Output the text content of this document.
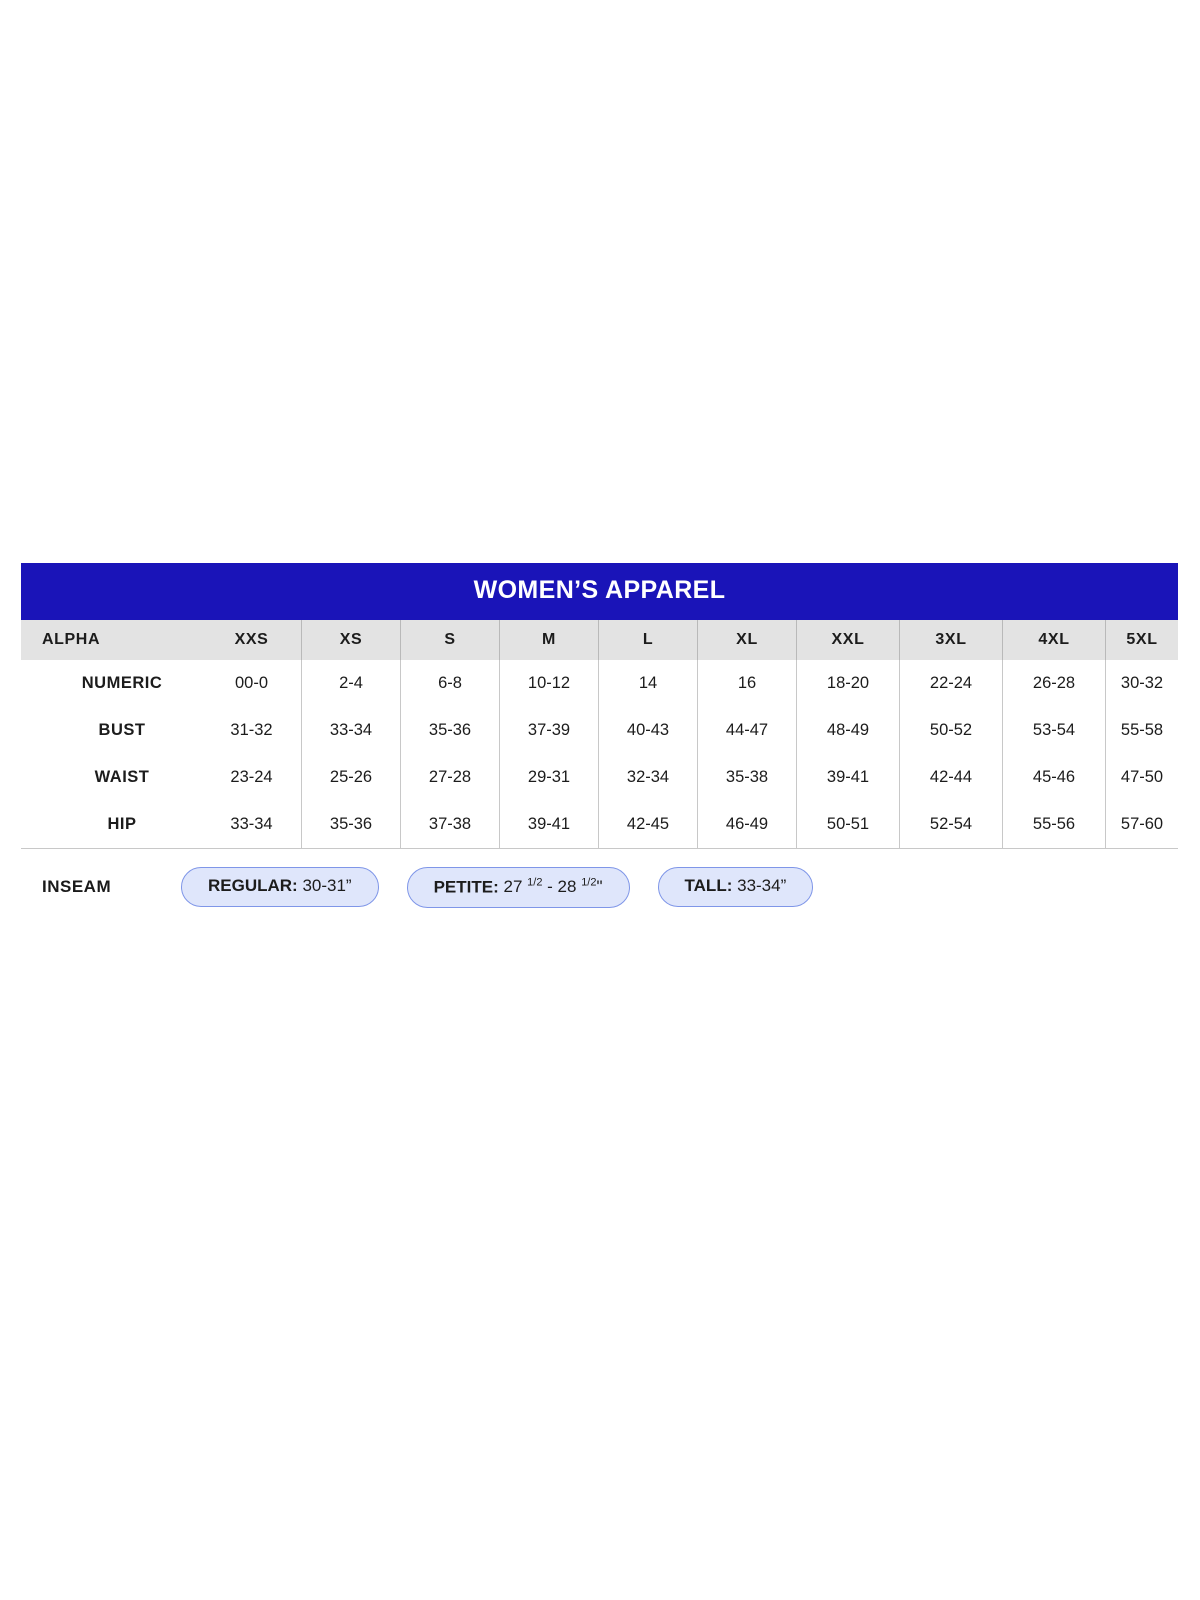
WOMEN’S APPAREL
ALPHA	XXS	XS	S	M	L	XL	XXL	3XL	4XL	5XL
NUMERIC	00-0	2-4	6-8	10-12	14	16	18-20	22-24	26-28	30-32
BUST	31-32	33-34	35-36	37-39	40-43	44-47	48-49	50-52	53-54	55-58
WAIST	23-24	25-26	27-28	29-31	32-34	35-38	39-41	42-44	45-46	47-50
HIP	33-34	35-36	37-38	39-41	42-45	46-49	50-51	52-54	55-56	57-60
INSEAM	REGULAR: 30-31”	PETITE: 27 $^{1/2}$ - 28 $^{1/2}$"	TALL: 33-34”
